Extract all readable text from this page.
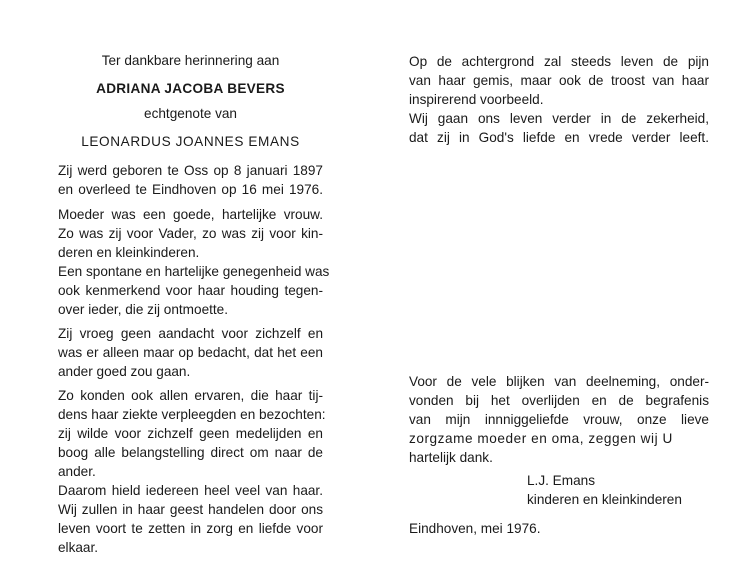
Ter dankbare herinnering aan
ADRIANA JACOBA BEVERS
echtgenote van
LEONARDUS JOANNES EMANS
Zij werd geboren te Oss op 8 januari 1897
en overleed te Eindhoven op 16 mei 1976.
Moeder was een goede, hartelijke vrouw.
Zo was zij voor Vader, zo was zij voor kin-
deren en kleinkinderen.
Een spontane en hartelijke genegenheid was
ook kenmerkend voor haar houding tegen-
over ieder, die zij ontmoette.
Zij vroeg geen aandacht voor zichzelf en
was er alleen maar op bedacht, dat het een
ander goed zou gaan.
Zo konden ook allen ervaren, die haar tij-
dens haar ziekte verpleegden en bezochten:
zij wilde voor zichzelf geen medelijden en
boog alle belangstelling direct om naar de
ander.
Daarom hield iedereen heel veel van haar.
Wij zullen in haar geest handelen door ons
leven voort te zetten in zorg en liefde voor
elkaar.
Op de achtergrond zal steeds leven de pijn
van haar gemis, maar ook de troost van haar
inspirerend voorbeeld.
Wij gaan ons leven verder in de zekerheid,
dat zij in God's liefde en vrede verder leeft.
Voor de vele blijken van deelneming, onder-
vonden bij het overlijden en de begrafenis
van mijn innniggeliefde vrouw, onze lieve
zorgzame moeder en oma, zeggen wij U
hartelijk dank.
L.J. Emans
kinderen en kleinkinderen
Eindhoven, mei 1976.
